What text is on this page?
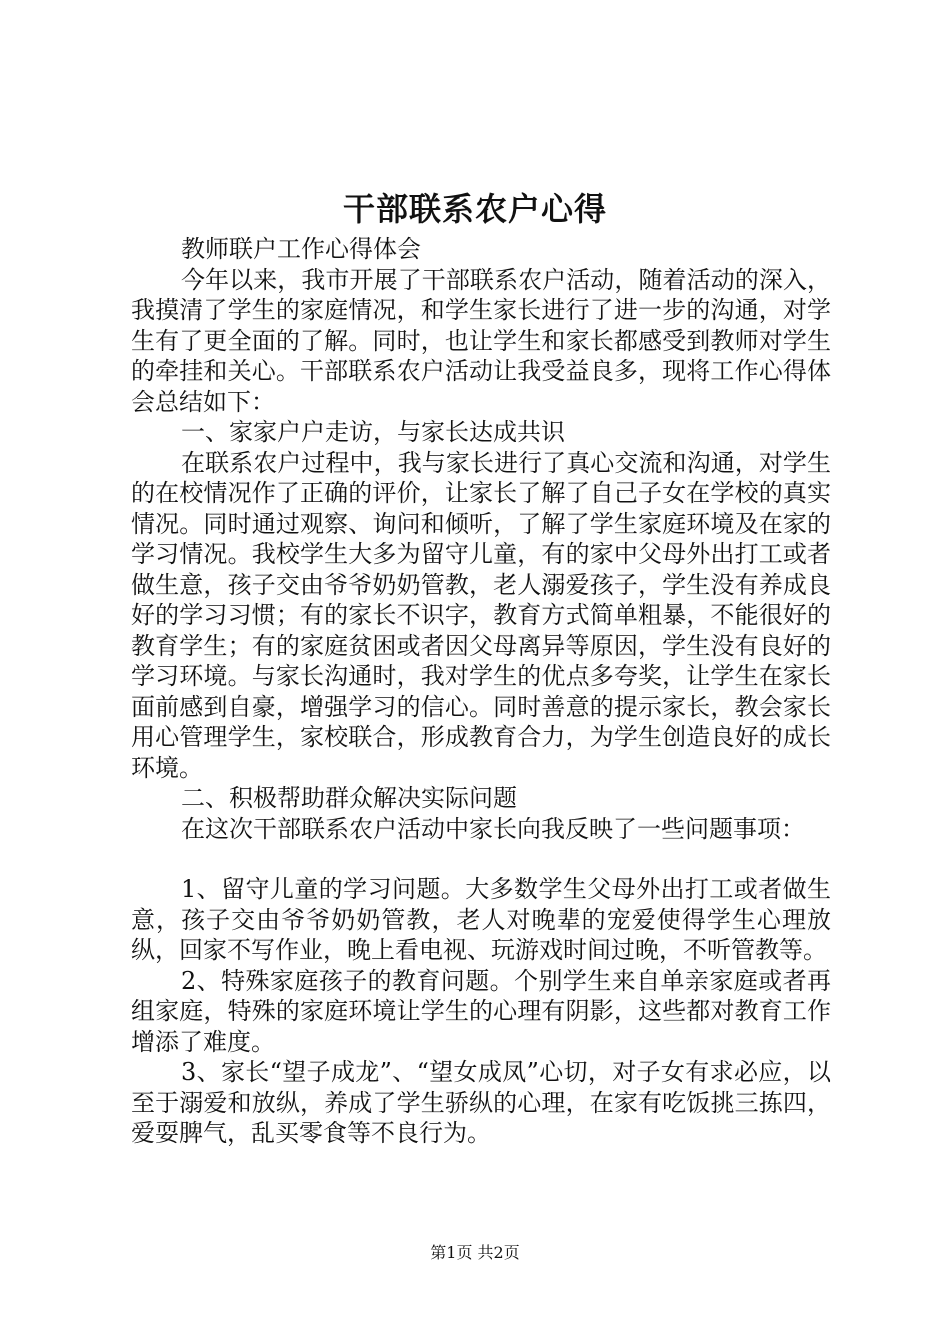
干部联系农户心得

教师联户工作心得体会

今年以来，我市开展了干部联系农户活动，随着活动的深入，我摸清了学生的家庭情况，和学生家长进行了进一步的沟通，对学生有了更全面的了解。同时，也让学生和家长都感受到教师对学生的牵挂和关心。干部联系农户活动让我受益良多，现将工作心得体会总结如下：

一、家家户户走访，与家长达成共识

在联系农户过程中，我与家长进行了真心交流和沟通，对学生的在校情况作了正确的评价，让家长了解了自己子女在学校的真实情况。同时通过观察、询问和倾听，了解了学生家庭环境及在家的学习情况。我校学生大多为留守儿童，有的家中父母外出打工或者做生意，孩子交由爷爷奶奶管教，老人溺爱孩子，学生没有养成良好的学习习惯；有的家长不识字，教育方式简单粗暴，不能很好的教育学生；有的家庭贫困或者因父母离异等原因，学生没有良好的学习环境。与家长沟通时，我对学生的优点多夸奖，让学生在家长面前感到自豪，增强学习的信心。同时善意的提示家长，教会家长用心管理学生，家校联合，形成教育合力，为学生创造良好的成长环境。

二、积极帮助群众解决实际问题

在这次干部联系农户活动中家长向我反映了一些问题事项：

1、留守儿童的学习问题。大多数学生父母外出打工或者做生意，孩子交由爷爷奶奶管教，老人对晚辈的宠爱使得学生心理放纵，回家不写作业，晚上看电视、玩游戏时间过晚，不听管教等。

2、特殊家庭孩子的教育问题。个别学生来自单亲家庭或者再组家庭，特殊的家庭环境让学生的心理有阴影，这些都对教育工作增添了难度。

3、家长“望子成龙”、“望女成凤”心切，对子女有求必应，以至于溺爱和放纵，养成了学生骄纵的心理，在家有吃饭挑三拣四，爱耍脾气，乱买零食等不良行为。

第1页 共2页
